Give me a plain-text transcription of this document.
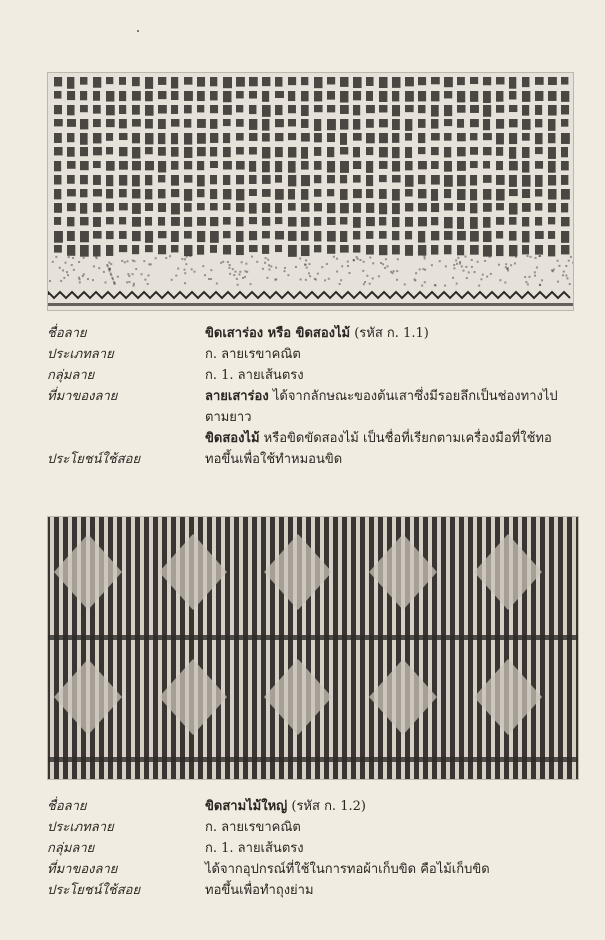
ชื่อลาย	ขิดเสาร่อง หรือ ขิดสองไม้ (รหัส ก. 1.1)
ประเภทลาย	ก. ลายเรขาคณิต
กลุ่มลาย	ก. 1. ลายเส้นตรง
ที่มาของลาย	ลายเสาร่อง ได้จากลักษณะของต้นเสาซึ่งมีรอยลึกเป็นช่องทางไป
ตามยาว
ขิดสองไม้ หรือขิดขัดสองไม้ เป็นชื่อที่เรียกตามเครื่องมือที่ใช้ทอ
ประโยชน์ใช้สอย	ทอขึ้นเพื่อใช้ทำหมอนขิด
ชื่อลาย	ขิดสามไม้ใหญ่ (รหัส ก. 1.2)
ประเภทลาย	ก. ลายเรขาคณิต
กลุ่มลาย	ก. 1. ลายเส้นตรง
ที่มาของลาย	ได้จากอุปกรณ์ที่ใช้ในการทอผ้าเก็บขิด คือไม้เก็บขิด
ประโยชน์ใช้สอย	ทอขึ้นเพื่อทำถุงย่าม
